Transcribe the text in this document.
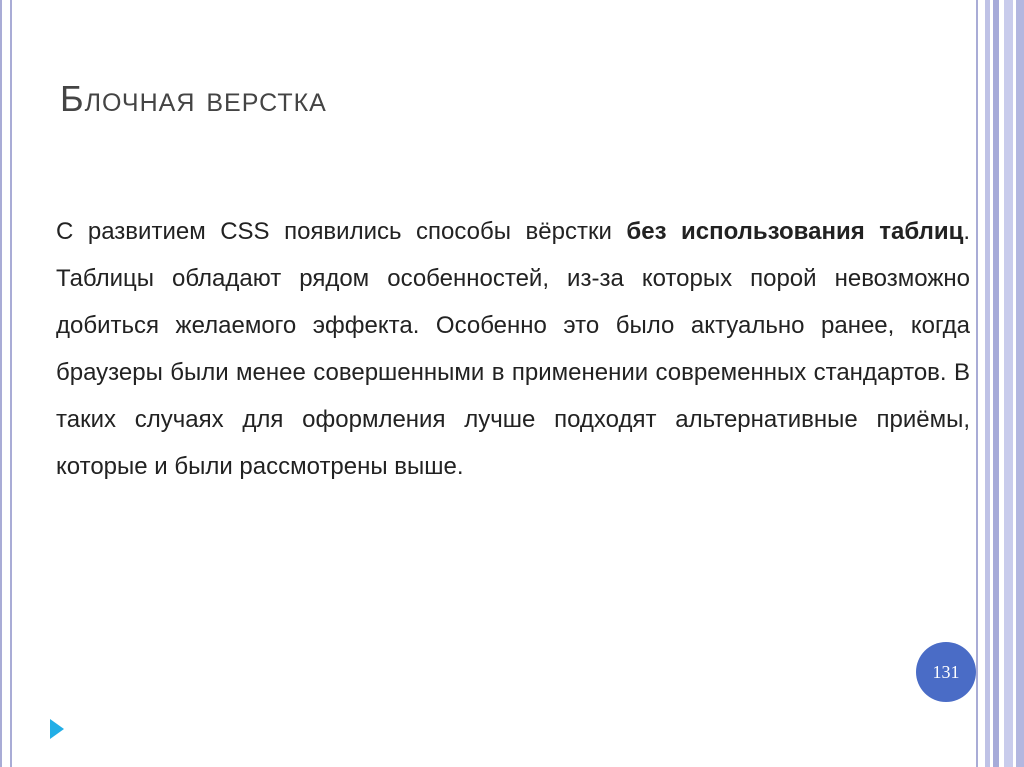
Блочная верстка
С развитием CSS появились способы вёрстки без использования таблиц. Таблицы обладают рядом особенностей, из-за которых порой невозможно добиться желаемого эффекта. Особенно это было актуально ранее, когда браузеры были менее совершенными в применении современных стандартов. В таких случаях для оформления лучше подходят альтернативные приёмы, которые и были рассмотрены выше.
131
